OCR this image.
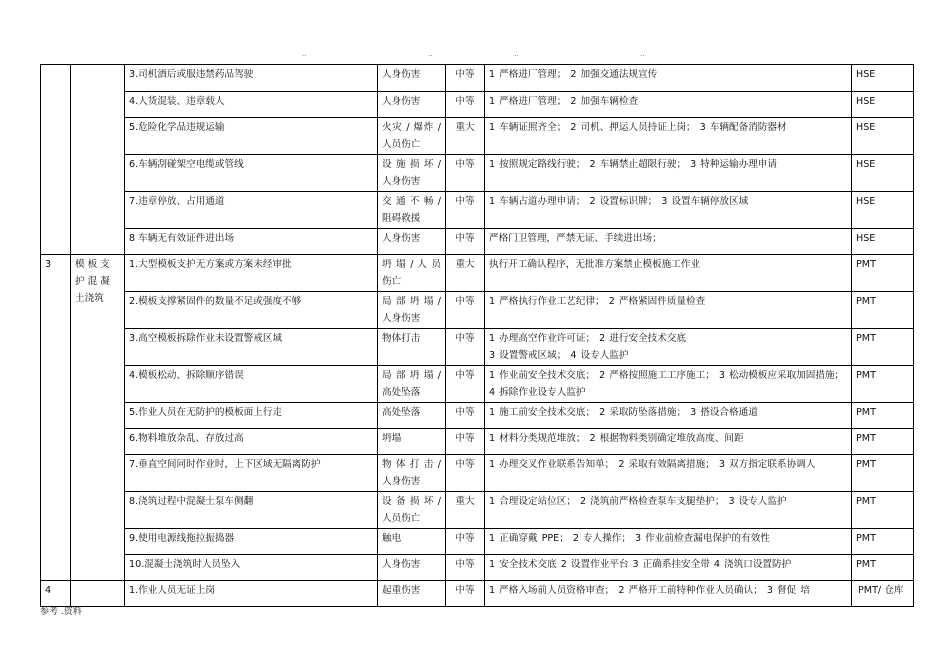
..	..	..	..
		3.司机酒后或服违禁药品驾驶	人身伤害	中等	1 严格进厂管理； 2 加强交通法规宣传	HSE
		4.人货混装、违章载人	人身伤害	中等	1 严格进厂管理； 2 加强车辆检查	HSE
		5.危险化学品违规运输	火灾 / 爆炸 / 人员伤亡	重大	1 车辆证照齐全； 2 司机、押运人员持证上岗； 3 车辆配备消防器材	HSE
		6.车辆刮碰架空电缆或管线	设 施 损 坏 / 人身伤害	中等	1 按照规定路线行驶； 2 车辆禁止超限行驶； 3 特种运输办理申请	HSE
		7.违章停放、占用通道	交 通 不 畅 / 阻碍救援	中等	1 车辆占道办理申请； 2 设置标识牌； 3 设置车辆停放区域	HSE
		8 车辆无有效证件进出场	人身伤害	中等	严格门卫管理，严禁无证、手续进出场；	HSE
3	模 板 支 护 混 凝 土浇筑	1.大型模板支护无方案或方案未经审批	坍 塌 / 人 员 伤亡	重大	执行开工确认程序，无批准方案禁止模板施工作业	PMT
		2.模板支撑紧固件的数量不足或强度不够	局 部 坍 塌 / 人身伤害	中等	1 严格执行作业工艺纪律； 2 严格紧固件质量检查	PMT
		3.高空模板拆除作业未设置警戒区域	物体打击	中等	1 办理高空作业许可证； 2 进行安全技术交底
3 设置警戒区域； 4 设专人监护	PMT
		4.模板松动、拆除顺序错误	局 部 坍 塌 / 高处坠落	中等	1 作业前安全技术交底； 2 严格按照施工工序施工； 3 松动模板应采取加固措施； 4 拆除作业设专人监护	PMT
		5.作业人员在无防护的模板面上行走	高处坠落	中等	1 施工前安全技术交底； 2 采取防坠落措施； 3 搭设合格通道	PMT
		6.物料堆放杂乱、存放过高	坍塌	中等	1 材料分类规范堆放； 2 根据物料类别确定堆放高度、间距	PMT
		7.垂直空间同时作业时，上下区域无隔离防护	物 体 打 击 / 人身伤害	中等	1 办理交叉作业联系告知单； 2 采取有效隔离措施； 3 双方指定联系协调人	PMT
		8.浇筑过程中混凝土泵车侧翻	设 备 损 坏 / 人员伤亡	重大	1 合理设定站位区； 2 浇筑前严格检查泵车支腿垫护； 3 设专人监护	PMT
		9.使用电源线拖拉振捣器	触电	中等	1 正确穿戴 PPE； 2 专人操作； 3 作业前检查漏电保护的有效性	PMT
		10.混凝土浇筑时人员坠入	人身伤害	中等	1 安全技术交底 2 设置作业平台 3 正确系挂安全带 4 浇筑口设置防护	PMT
4		1.作业人员无证上岗	起重伤害	中等	1 严格入场前人员资格审查； 2 严格开工前特种作业人员确认； 3 督促 培	PMT/ 仓库
参考 .资料
